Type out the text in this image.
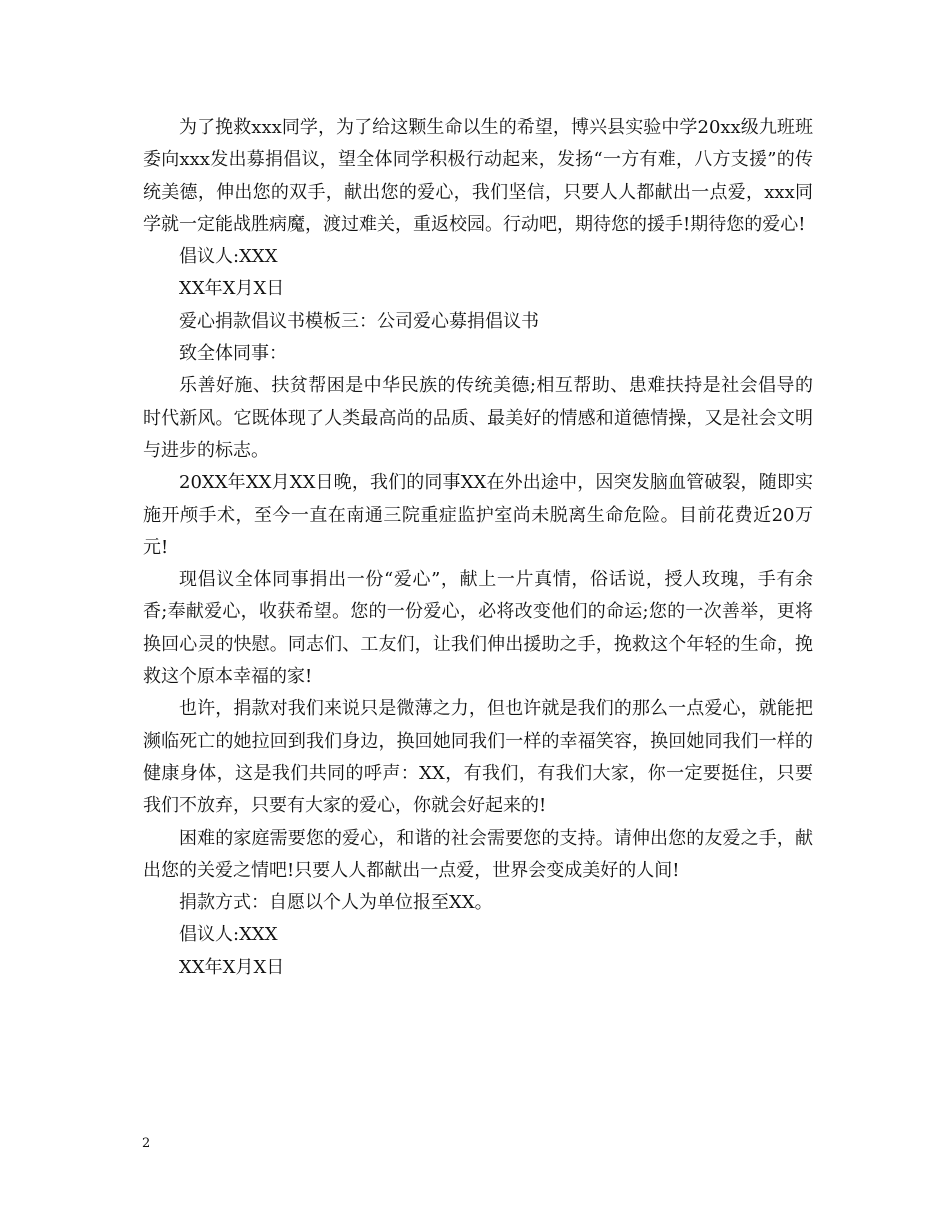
为了挽救xxx同学，为了给这颗生命以生的希望，博兴县实验中学20xx级九班班委向xxx发出募捐倡议，望全体同学积极行动起来，发扬“一方有难，八方支援”的传统美德，伸出您的双手，献出您的爱心，我们坚信，只要人人都献出一点爱，xxx同学就一定能战胜病魔，渡过难关，重返校园。行动吧，期待您的援手!期待您的爱心!

倡议人:XXX

XX年X月X日

爱心捐款倡议书模板三：公司爱心募捐倡议书

致全体同事：

乐善好施、扶贫帮困是中华民族的传统美德;相互帮助、患难扶持是社会倡导的时代新风。它既体现了人类最高尚的品质、最美好的情感和道德情操，又是社会文明与进步的标志。

20XX年XX月XX日晚，我们的同事XX在外出途中，因突发脑血管破裂，随即实施开颅手术，至今一直在南通三院重症监护室尚未脱离生命危险。目前花费近20万元!

现倡议全体同事捐出一份“爱心”，献上一片真情，俗话说，授人玫瑰，手有余香;奉献爱心，收获希望。您的一份爱心，必将改变他们的命运;您的一次善举，更将换回心灵的快慰。同志们、工友们，让我们伸出援助之手，挽救这个年轻的生命，挽救这个原本幸福的家!

也许，捐款对我们来说只是微薄之力，但也许就是我们的那么一点爱心，就能把濒临死亡的她拉回到我们身边，换回她同我们一样的幸福笑容，换回她同我们一样的健康身体，这是我们共同的呼声：XX，有我们，有我们大家，你一定要挺住，只要我们不放弃，只要有大家的爱心，你就会好起来的!

困难的家庭需要您的爱心，和谐的社会需要您的支持。请伸出您的友爱之手，献出您的关爱之情吧!只要人人都献出一点爱，世界会变成美好的人间!

捐款方式：自愿以个人为单位报至XX。

倡议人:XXX

XX年X月X日

2
